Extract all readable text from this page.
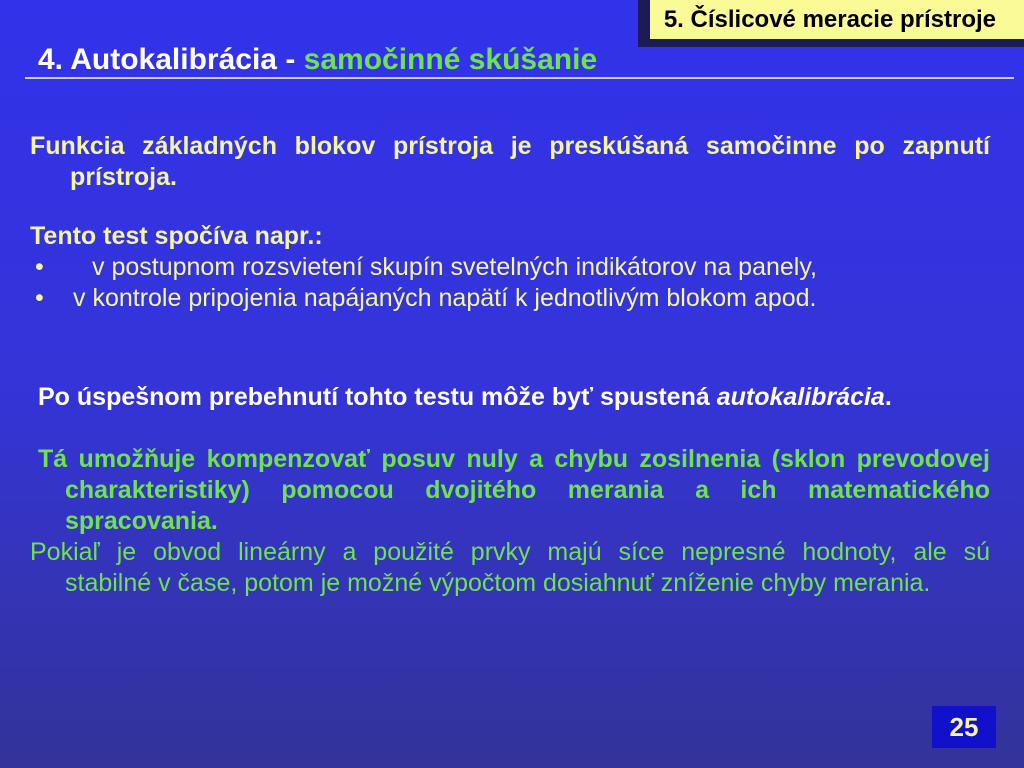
5. Číslicové meracie prístroje
4. Autokalibrácia - samočinné skúšanie
Funkcia základných blokov prístroja je preskúšaná samočinne po zapnutí
prístroja.
Tento test spočíva napr.:
•	v postupnom rozsvietení skupín svetelných indikátorov na panely,
•	v kontrole pripojenia napájaných napätí k jednotlivým blokom apod.
Po úspešnom prebehnutí tohto testu môže byť spustená autokalibrácia.
Tá umožňuje kompenzovať posuv nuly a chybu zosilnenia (sklon prevodovej
charakteristiky) pomocou dvojitého merania a ich matematického
spracovania.
Pokiaľ je obvod lineárny a použité prvky majú síce nepresné hodnoty, ale sú
stabilné v čase, potom je možné výpočtom dosiahnuť zníženie chyby merania.
25
